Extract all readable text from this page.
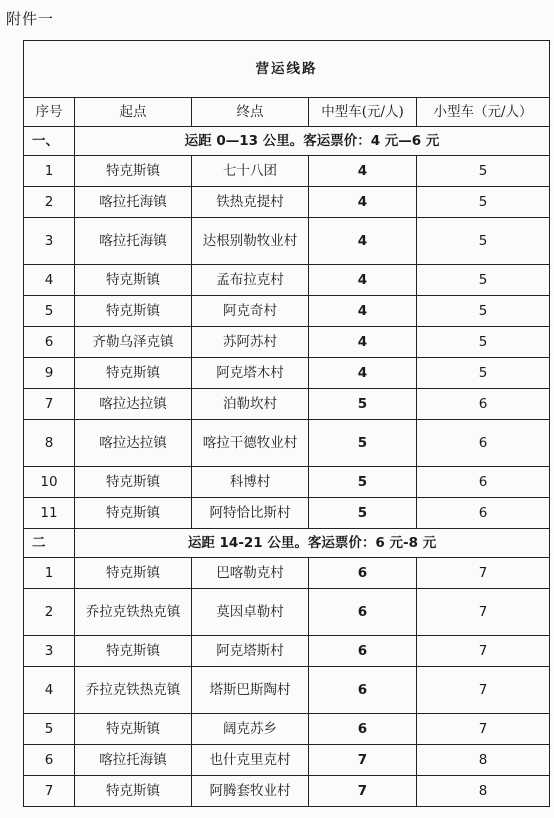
附件一
营运线路				
序号	起点	终点	中型车(元/人)	小型车（元/人）
一、	运距 0—13 公里。客运票价：4 元—6 元			
1	特克斯镇	七十八团	4	5
2	喀拉托海镇	铁热克提村	4	5
3	喀拉托海镇	达根别勒牧业村	4	5
4	特克斯镇	孟布拉克村	4	5
5	特克斯镇	阿克奇村	4	5
6	齐勒乌泽克镇	苏阿苏村	4	5
9	特克斯镇	阿克塔木村	4	5
7	喀拉达拉镇	泊勒坎村	5	6
8	喀拉达拉镇	喀拉干德牧业村	5	6
10	特克斯镇	科博村	5	6
11	特克斯镇	阿特恰比斯村	5	6
二	运距 14-21 公里。客运票价：6 元-8 元			
1	特克斯镇	巴喀勒克村	6	7
2	乔拉克铁热克镇	莫因卓勒村	6	7
3	特克斯镇	阿克塔斯村	6	7
4	乔拉克铁热克镇	塔斯巴斯陶村	6	7
5	特克斯镇	阔克苏乡	6	7
6	喀拉托海镇	也什克里克村	7	8
7	特克斯镇	阿腾套牧业村	7	8
